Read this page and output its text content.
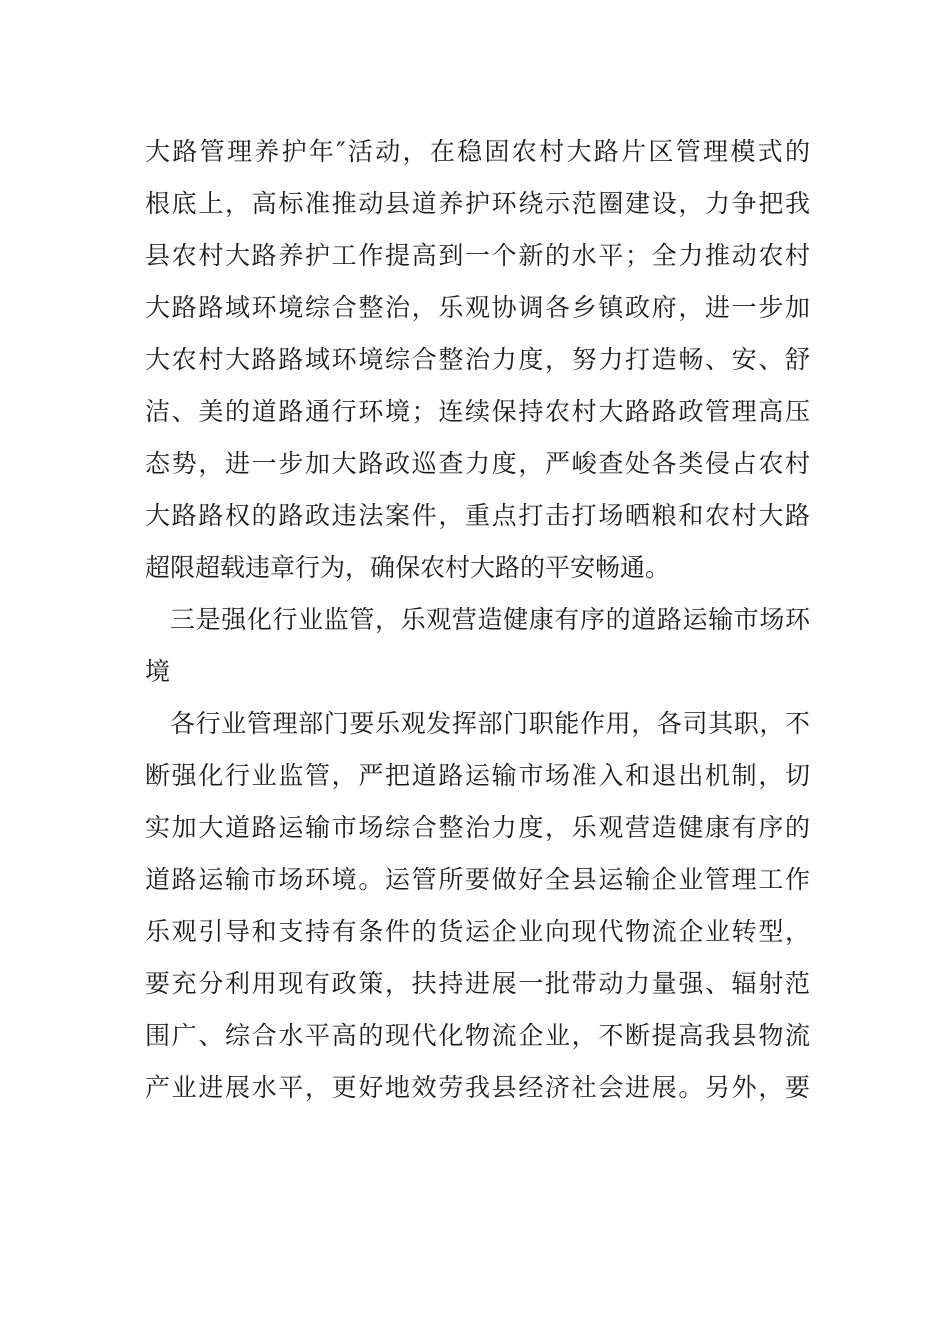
大路管理养护年″活动，在稳固农村大路片区管理模式的
根底上，高标准推动县道养护环绕示范圈建设，力争把我
县农村大路养护工作提高到一个新的水平；全力推动农村
大路路域环境综合整治，乐观协调各乡镇政府，进一步加
大农村大路路域环境综合整治力度，努力打造畅、安、舒
洁、美的道路通行环境；连续保持农村大路路政管理高压
态势，进一步加大路政巡查力度，严峻查处各类侵占农村
大路路权的路政违法案件，重点打击打场晒粮和农村大路
超限超载违章行为，确保农村大路的平安畅通。
三是强化行业监管，乐观营造健康有序的道路运输市场环
境
各行业管理部门要乐观发挥部门职能作用，各司其职，不
断强化行业监管，严把道路运输市场准入和退出机制，切
实加大道路运输市场综合整治力度，乐观营造健康有序的
道路运输市场环境。运管所要做好全县运输企业管理工作
乐观引导和支持有条件的货运企业向现代物流企业转型，
要充分利用现有政策，扶持进展一批带动力量强、辐射范
围广、综合水平高的现代化物流企业，不断提高我县物流
产业进展水平，更好地效劳我县经济社会进展。另外，要
